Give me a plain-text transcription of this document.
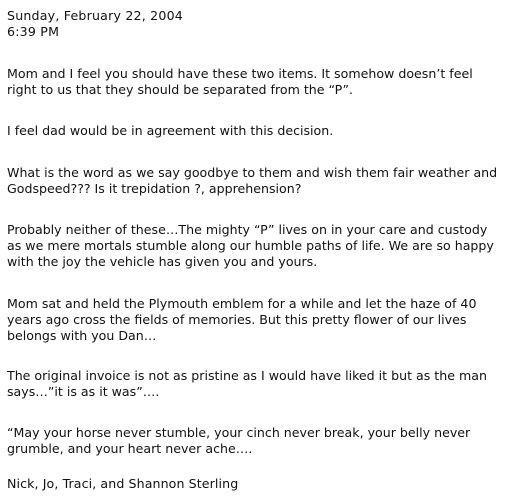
Sunday, February 22, 2004
6:39 PM
Mom and I feel you should have these two items. It somehow doesn’t feel
right to us that they should be separated from the “P”.
I feel dad would be in agreement with this decision.
What is the word as we say goodbye to them and wish them fair weather and
Godspeed??? Is it trepidation ?, apprehension?
Probably neither of these…The mighty “P” lives on in your care and custody
as we mere mortals stumble along our humble paths of life. We are so happy
with the joy the vehicle has given you and yours.
Mom sat and held the Plymouth emblem for a while and let the haze of 40
years ago cross the fields of memories. But this pretty flower of our lives
belongs with you Dan…
The original invoice is not as pristine as I would have liked it but as the man
says…”it is as it was”….
“May your horse never stumble, your cinch never break, your belly never
grumble, and your heart never ache….
Nick, Jo, Traci, and Shannon Sterling
